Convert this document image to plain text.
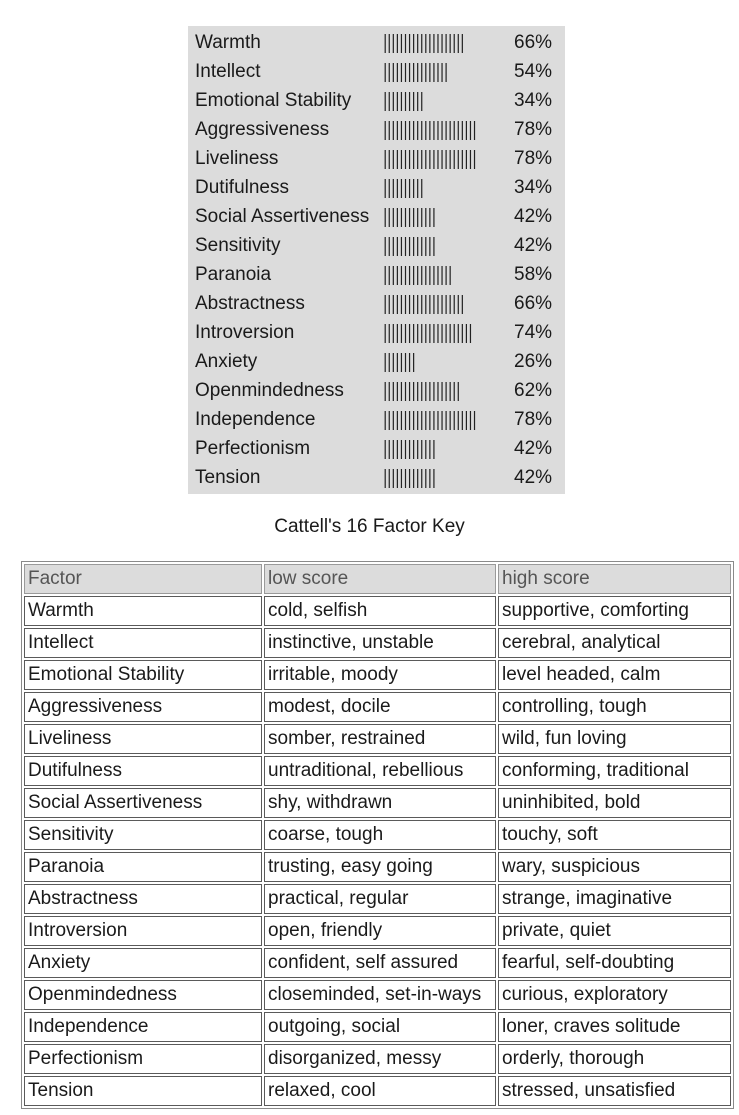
Warmth	66%
Intellect	54%
Emotional Stability	34%
Aggressiveness	78%
Liveliness	78%
Dutifulness	34%
Social Assertiveness	42%
Sensitivity	42%
Paranoia	58%
Abstractness	66%
Introversion	74%
Anxiety	26%
Openmindedness	62%
Independence	78%
Perfectionism	42%
Tension	42%
Cattell's 16 Factor Key
Factor	low score	high score
Warmth	cold, selfish	supportive, comforting
Intellect	instinctive, unstable	cerebral, analytical
Emotional Stability	irritable, moody	level headed, calm
Aggressiveness	modest, docile	controlling, tough
Liveliness	somber, restrained	wild, fun loving
Dutifulness	untraditional, rebellious	conforming, traditional
Social Assertiveness	shy, withdrawn	uninhibited, bold
Sensitivity	coarse, tough	touchy, soft
Paranoia	trusting, easy going	wary, suspicious
Abstractness	practical, regular	strange, imaginative
Introversion	open, friendly	private, quiet
Anxiety	confident, self assured	fearful, self-doubting
Openmindedness	closeminded, set-in-ways	curious, exploratory
Independence	outgoing, social	loner, craves solitude
Perfectionism	disorganized, messy	orderly, thorough
Tension	relaxed, cool	stressed, unsatisfied
